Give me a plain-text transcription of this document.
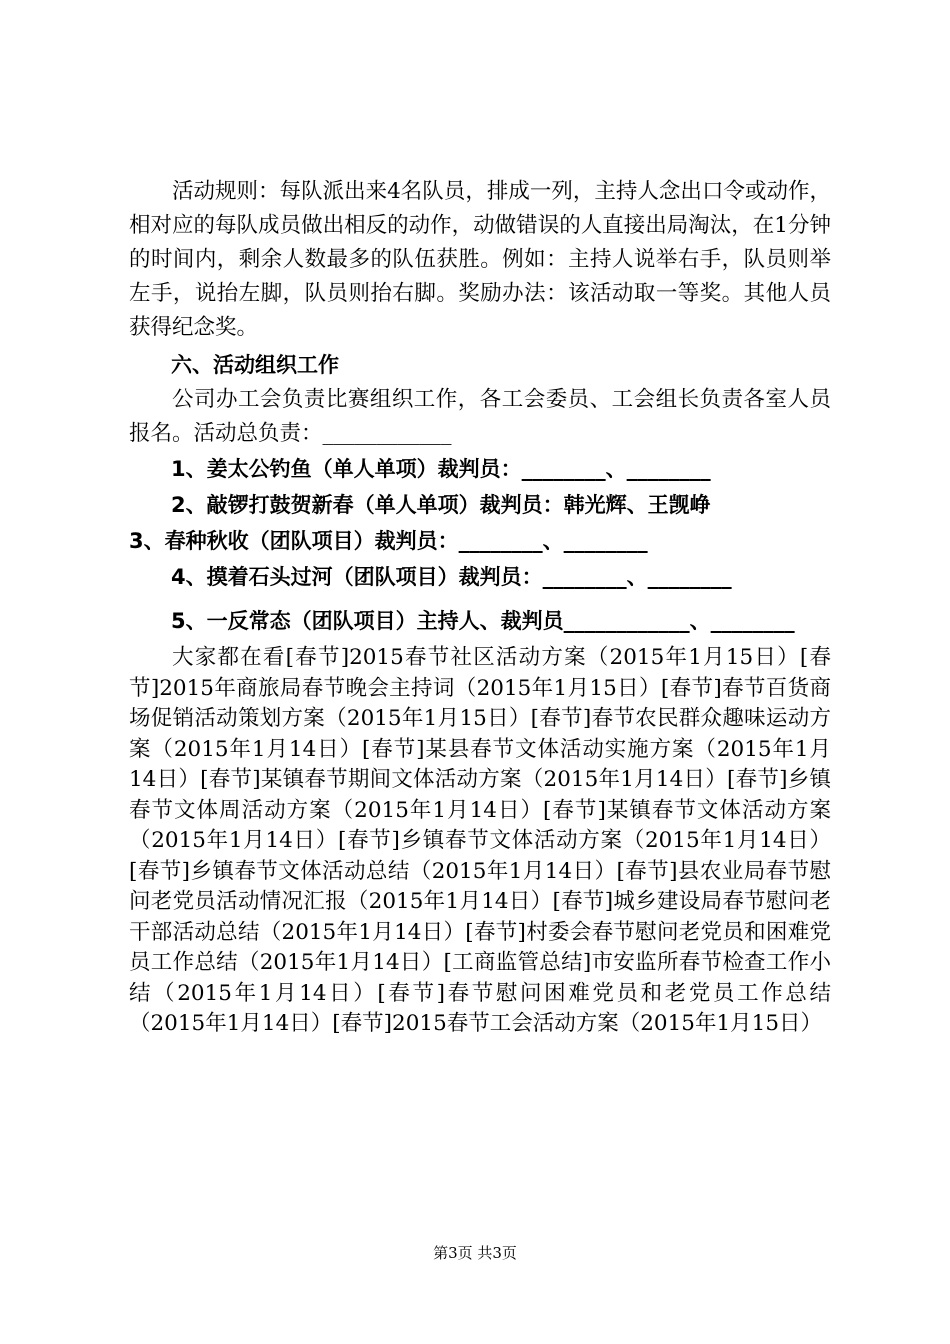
活动规则：每队派出来4名队员，排成一列，主持人念出口令或动作，相对应的每队成员做出相反的动作，动做错误的人直接出局淘汰，在1分钟的时间内，剩余人数最多的队伍获胜。例如：主持人说举右手，队员则举左手，说抬左脚，队员则抬右脚。奖励办法：该活动取一等奖。其他人员获得纪念奖。

六、活动组织工作

公司办工会负责比赛组织工作，各工会委员、工会组长负责各室人员报名。活动总负责：____________

1、姜太公钓鱼（单人单项）裁判员：________、________

2、敲锣打鼓贺新春（单人单项）裁判员：韩光辉、王觊峥

3、春种秋收（团队项目）裁判员：________、________

4、摸着石头过河（团队项目）裁判员：________、________

5、一反常态（团队项目）主持人、裁判员____________、________

大家都在看[春节]2015春节社区活动方案（2015年1月15日）[春节]2015年商旅局春节晚会主持词（2015年1月15日）[春节]春节百货商场促销活动策划方案（2015年1月15日）[春节]春节农民群众趣味运动方案（2015年1月14日）[春节]某县春节文体活动实施方案（2015年1月14日）[春节]某镇春节期间文体活动方案（2015年1月14日）[春节]乡镇春节文体周活动方案（2015年1月14日）[春节]某镇春节文体活动方案（2015年1月14日）[春节]乡镇春节文体活动方案（2015年1月14日）[春节]乡镇春节文体活动总结（2015年1月14日）[春节]县农业局春节慰问老党员活动情况汇报（2015年1月14日）[春节]城乡建设局春节慰问老干部活动总结（2015年1月14日）[春节]村委会春节慰问老党员和困难党员工作总结（2015年1月14日）[工商监管总结]市安监所春节检查工作小结（2015年1月14日）[春节]春节慰问困难党员和老党员工作总结（2015年1月14日）[春节]2015春节工会活动方案（2015年1月15日）

第3页 共3页
